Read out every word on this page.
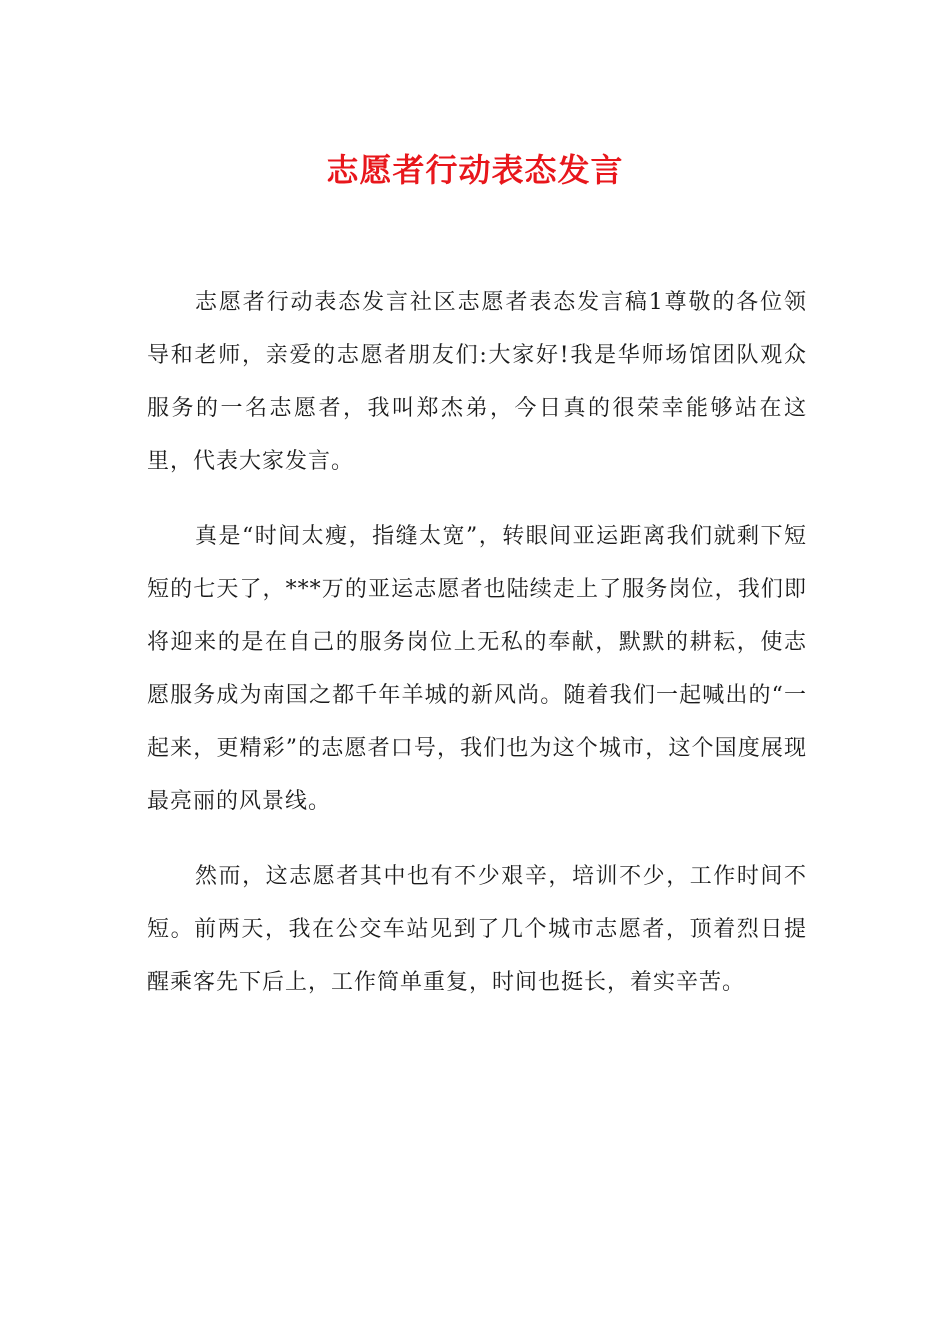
志愿者行动表态发言

志愿者行动表态发言社区志愿者表态发言稿1尊敬的各位领导和老师，亲爱的志愿者朋友们:大家好!我是华师场馆团队观众服务的一名志愿者，我叫郑杰弟，今日真的很荣幸能够站在这里，代表大家发言。

真是“时间太瘦，指缝太宽”，转眼间亚运距离我们就剩下短短的七天了，***万的亚运志愿者也陆续走上了服务岗位，我们即将迎来的是在自己的服务岗位上无私的奉献，默默的耕耘，使志愿服务成为南国之都千年羊城的新风尚。随着我们一起喊出的“一起来，更精彩”的志愿者口号，我们也为这个城市，这个国度展现最亮丽的风景线。

然而，这志愿者其中也有不少艰辛，培训不少，工作时间不短。前两天，我在公交车站见到了几个城市志愿者，顶着烈日提醒乘客先下后上，工作简单重复，时间也挺长，着实辛苦。
